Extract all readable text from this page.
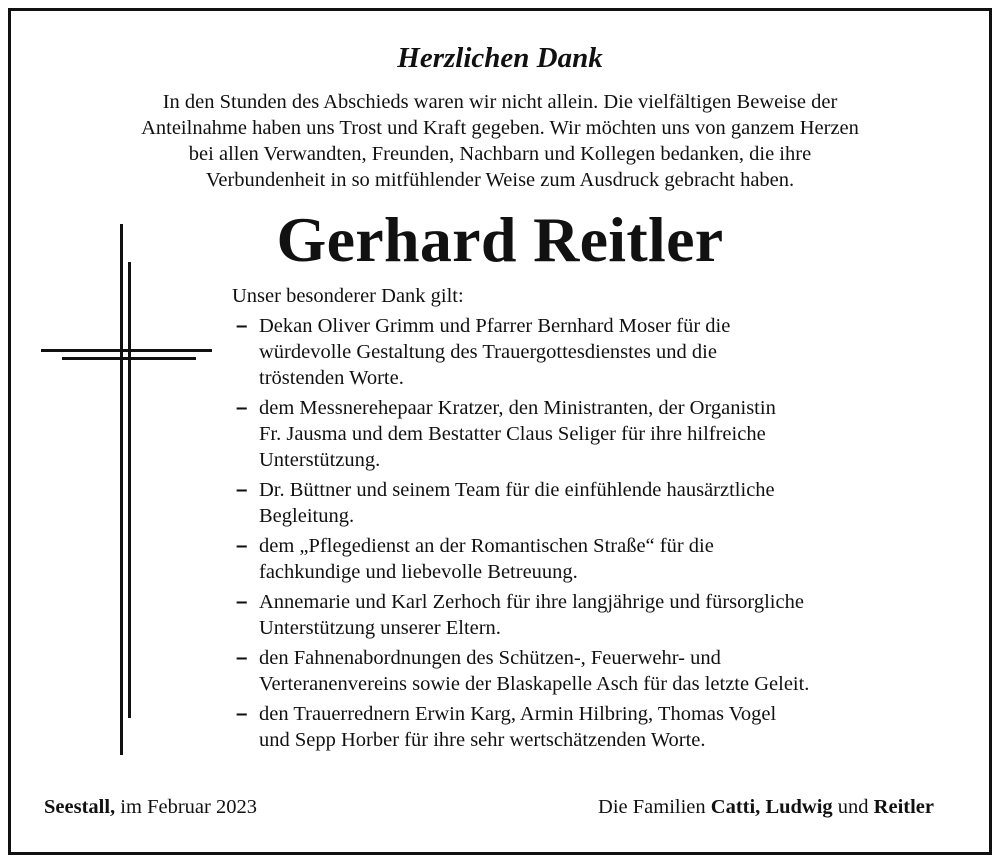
Herzlichen Dank
In den Stunden des Abschieds waren wir nicht allein. Die vielfältigen Beweise der
Anteilnahme haben uns Trost und Kraft gegeben. Wir möchten uns von ganzem Herzen
bei allen Verwandten, Freunden, Nachbarn und Kollegen bedanken, die ihre
Verbundenheit in so mitfühlender Weise zum Ausdruck gebracht haben.
Gerhard Reitler

Unser besonderer Dank gilt:

– Dekan Oliver Grimm und Pfarrer Bernhard Moser für die
würdevolle Gestaltung des Trauergottesdienstes und die
tröstenden Worte.
– dem Messnerehepaar Kratzer, den Ministranten, der Organistin
Fr. Jausma und dem Bestatter Claus Seliger für ihre hilfreiche
Unterstützung.
– Dr. Büttner und seinem Team für die einfühlende hausärztliche
Begleitung.
– dem „Pflegedienst an der Romantischen Straße“ für die
fachkundige und liebevolle Betreuung.
– Annemarie und Karl Zerhoch für ihre langjährige und fürsorgliche
Unterstützung unserer Eltern.
– den Fahnenabordnungen des Schützen-, Feuerwehr- und
Verteranenvereins sowie der Blaskapelle Asch für das letzte Geleit.
– den Trauerrednern Erwin Karg, Armin Hilbring, Thomas Vogel
und Sepp Horber für ihre sehr wertschätzenden Worte.
Seestall, im Februar 2023	Die Familien Catti, Ludwig und Reitler
